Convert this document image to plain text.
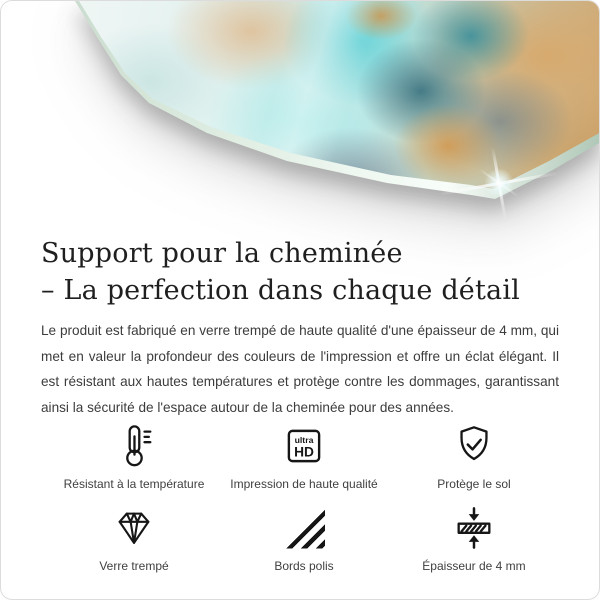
Support pour la cheminée
– La perfection dans chaque détail

Le produit est fabriqué en verre trempé de haute qualité d'une épaisseur de 4 mm, qui met en valeur la profondeur des couleurs de l'impression et offre un éclat élégant. Il est résistant aux hautes températures et protège contre les dommages, garantissant ainsi la sécurité de l'espace autour de la cheminée pour des années.

Résistant à la température
ultra
HD
Impression de haute qualité	Protège le sol
Verre trempé	Bords polis	Épaisseur de 4 mm
